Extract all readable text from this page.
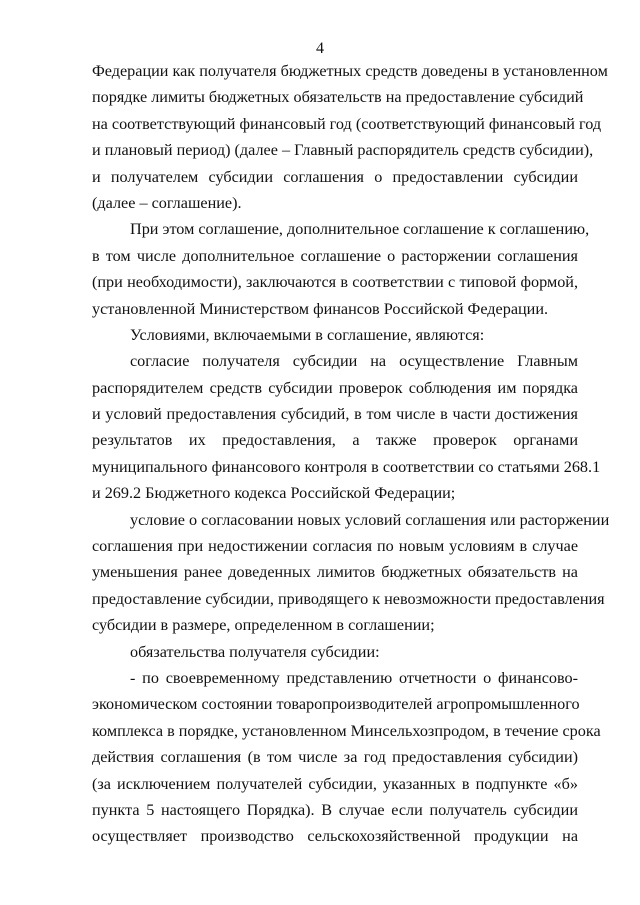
4
Федерации как получателя бюджетных средств доведены в установленном
порядке лимиты бюджетных обязательств на предоставление субсидий
на соответствующий финансовый год (соответствующий финансовый год
и плановый период) (далее – Главный распорядитель средств субсидии),
и получателем субсидии соглашения о предоставлении субсидии
(далее – соглашение).
При этом соглашение, дополнительное соглашение к соглашению,
в том числе дополнительное соглашение о расторжении соглашения
(при необходимости), заключаются в соответствии с типовой формой,
установленной Министерством финансов Российской Федерации.
Условиями, включаемыми в соглашение, являются:
согласие получателя субсидии на осуществление Главным
распорядителем средств субсидии проверок соблюдения им порядка
и условий предоставления субсидий, в том числе в части достижения
результатов их предоставления, а также проверок органами
муниципального финансового контроля в соответствии со статьями 268.1
и 269.2 Бюджетного кодекса Российской Федерации;
условие о согласовании новых условий соглашения или расторжении
соглашения при недостижении согласия по новым условиям в случае
уменьшения ранее доведенных лимитов бюджетных обязательств на
предоставление субсидии, приводящего к невозможности предоставления
субсидии в размере, определенном в соглашении;
обязательства получателя субсидии:
- по своевременному представлению отчетности о финансово-
экономическом состоянии товаропроизводителей агропромышленного
комплекса в порядке, установленном Минсельхозпродом, в течение срока
действия соглашения (в том числе за год предоставления субсидии)
(за исключением получателей субсидии, указанных в подпункте «б»
пункта 5 настоящего Порядка). В случае если получатель субсидии
осуществляет производство сельскохозяйственной продукции на
